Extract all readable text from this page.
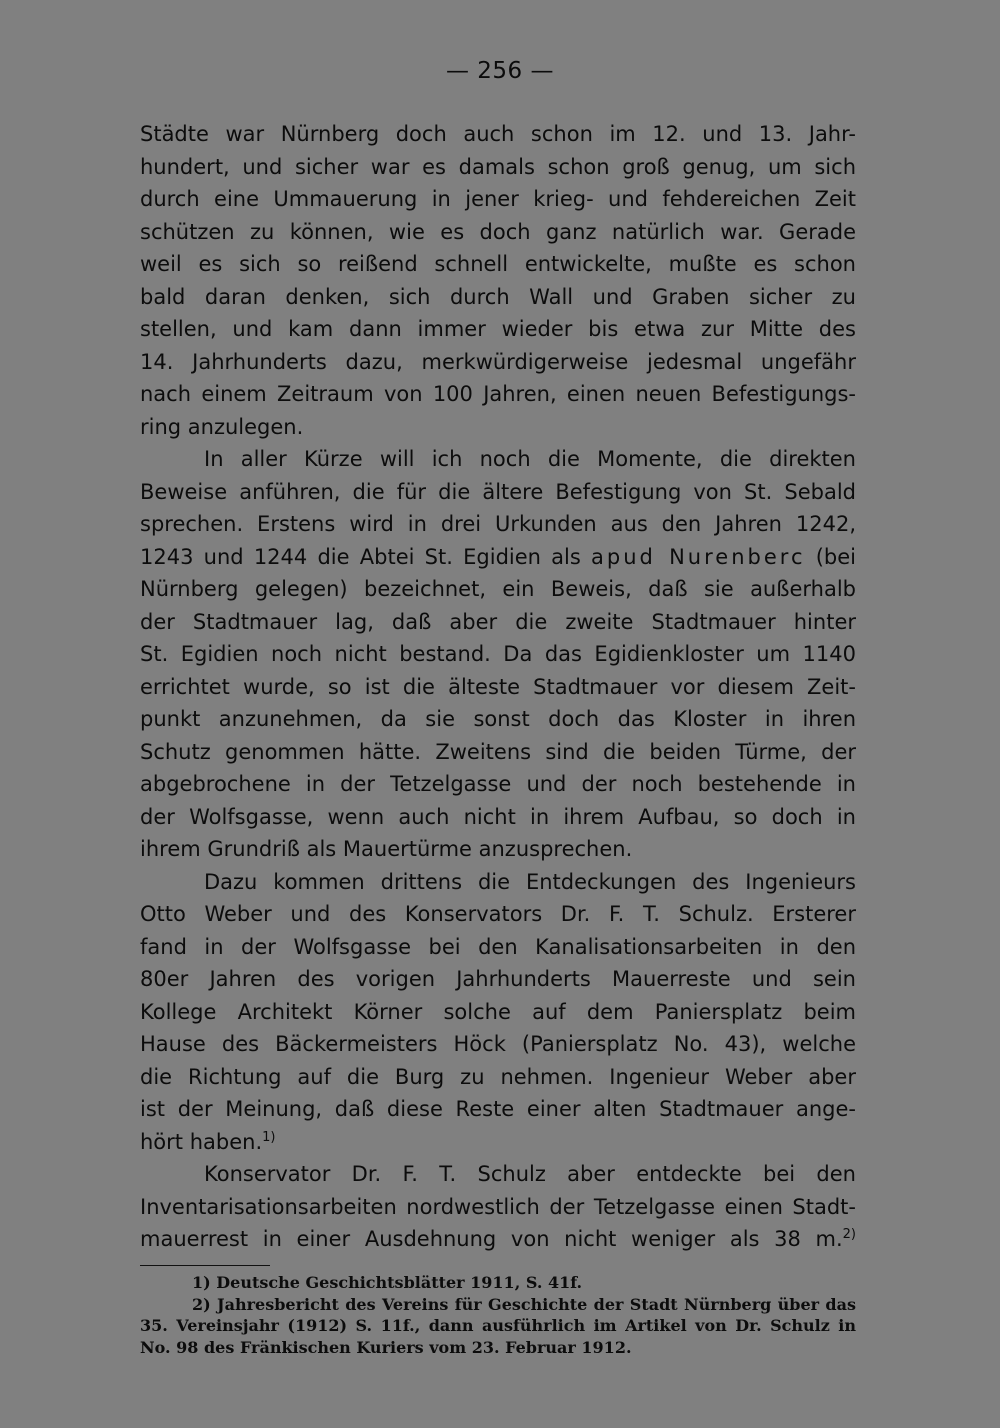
— 256 —
Städte war Nürnberg doch auch schon im 12. und 13. Jahr-
hundert, und sicher war es damals schon groß genug, um sich
durch eine Ummauerung in jener krieg- und fehdereichen Zeit
schützen zu können, wie es doch ganz natürlich war. Gerade
weil es sich so reißend schnell entwickelte, mußte es schon
bald daran denken, sich durch Wall und Graben sicher zu
stellen, und kam dann immer wieder bis etwa zur Mitte des
14. Jahrhunderts dazu, merkwürdigerweise jedesmal ungefähr
nach einem Zeitraum von 100 Jahren, einen neuen Befestigungs-
ring anzulegen.
In aller Kürze will ich noch die Momente, die direkten
Beweise anführen, die für die ältere Befestigung von St. Sebald
sprechen. Erstens wird in drei Urkunden aus den Jahren 1242,
1243 und 1244 die Abtei St. Egidien als apud Nurenberc (bei
Nürnberg gelegen) bezeichnet, ein Beweis, daß sie außerhalb
der Stadtmauer lag, daß aber die zweite Stadtmauer hinter
St. Egidien noch nicht bestand. Da das Egidienkloster um 1140
errichtet wurde, so ist die älteste Stadtmauer vor diesem Zeit-
punkt anzunehmen, da sie sonst doch das Kloster in ihren
Schutz genommen hätte. Zweitens sind die beiden Türme, der
abgebrochene in der Tetzelgasse und der noch bestehende in
der Wolfsgasse, wenn auch nicht in ihrem Aufbau, so doch in
ihrem Grundriß als Mauertürme anzusprechen.
Dazu kommen drittens die Entdeckungen des Ingenieurs
Otto Weber und des Konservators Dr. F. T. Schulz. Ersterer
fand in der Wolfsgasse bei den Kanalisationsarbeiten in den
80er Jahren des vorigen Jahrhunderts Mauerreste und sein
Kollege Architekt Körner solche auf dem Paniersplatz beim
Hause des Bäckermeisters Höck (Paniersplatz No. 43), welche
die Richtung auf die Burg zu nehmen. Ingenieur Weber aber
ist der Meinung, daß diese Reste einer alten Stadtmauer ange-
hört haben.$^{1)}$
Konservator Dr. F. T. Schulz aber entdeckte bei den
Inventarisationsarbeiten nordwestlich der Tetzelgasse einen Stadt-
mauerrest in einer Ausdehnung von nicht weniger als 38 m.$^{2)}$
1) Deutsche Geschichtsblätter 1911, S. 41f.
2) Jahresbericht des Vereins für Geschichte der Stadt Nürnberg über das
35. Vereinsjahr (1912) S. 11f., dann ausführlich im Artikel von Dr. Schulz in
No. 98 des Fränkischen Kuriers vom 23. Februar 1912.
